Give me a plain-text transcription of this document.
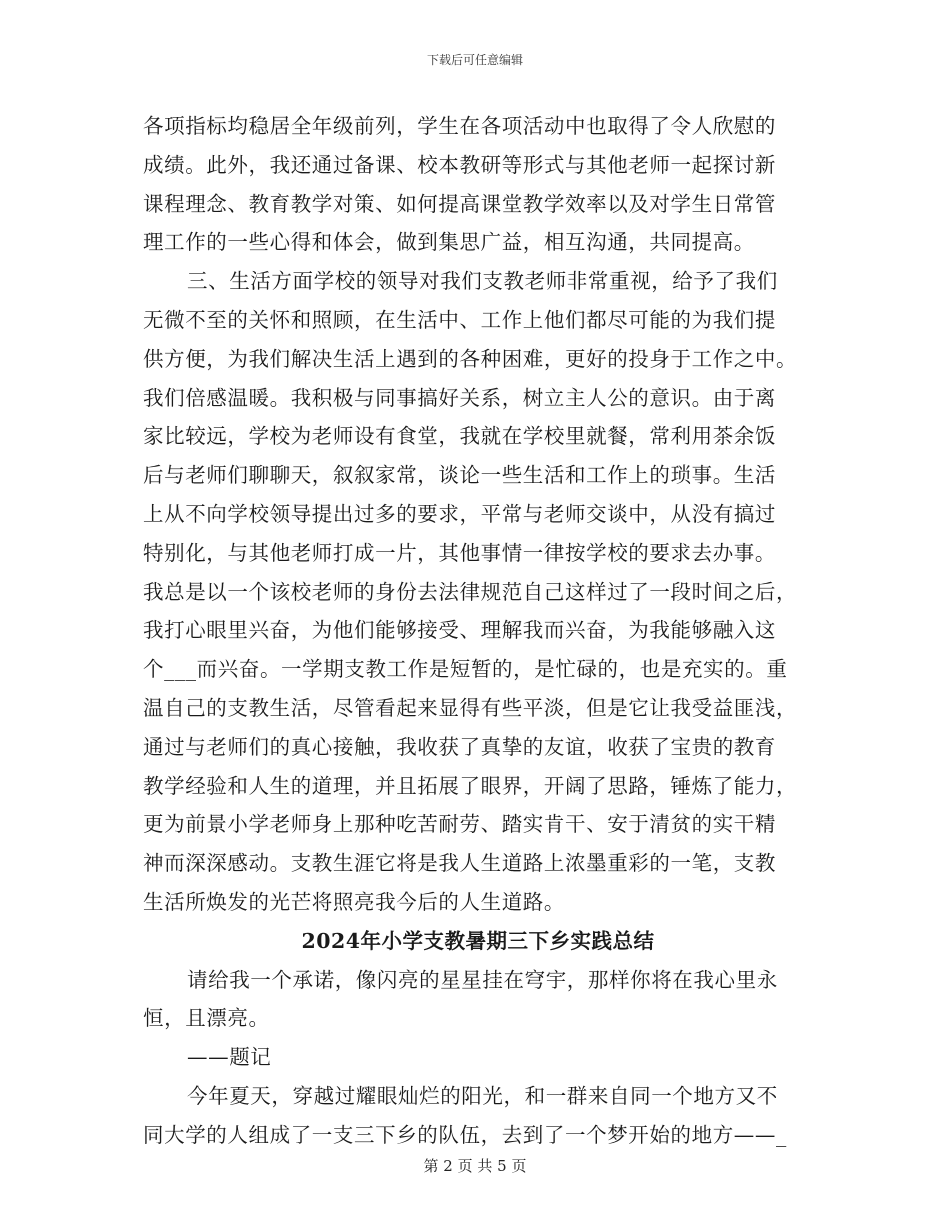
下载后可任意编辑
各项指标均稳居全年级前列，学生在各项活动中也取得了令人欣慰的
成绩。此外，我还通过备课、校本教研等形式与其他老师一起探讨新
课程理念、教育教学对策、如何提高课堂教学效率以及对学生日常管
理工作的一些心得和体会，做到集思广益，相互沟通，共同提高。
三、生活方面学校的领导对我们支教老师非常重视，给予了我们
无微不至的关怀和照顾，在生活中、工作上他们都尽可能的为我们提
供方便，为我们解决生活上遇到的各种困难，更好的投身于工作之中。
我们倍感温暖。我积极与同事搞好关系，树立主人公的意识。由于离
家比较远，学校为老师设有食堂，我就在学校里就餐，常利用茶余饭
后与老师们聊聊天，叙叙家常，谈论一些生活和工作上的琐事。生活
上从不向学校领导提出过多的要求，平常与老师交谈中，从没有搞过
特别化，与其他老师打成一片，其他事情一律按学校的要求去办事。
我总是以一个该校老师的身份去法律规范自己这样过了一段时间之后，
我打心眼里兴奋，为他们能够接受、理解我而兴奋，为我能够融入这
个___而兴奋。一学期支教工作是短暂的，是忙碌的，也是充实的。重
温自己的支教生活，尽管看起来显得有些平淡，但是它让我受益匪浅，
通过与老师们的真心接触，我收获了真挚的友谊，收获了宝贵的教育
教学经验和人生的道理，并且拓展了眼界，开阔了思路，锤炼了能力，
更为前景小学老师身上那种吃苦耐劳、踏实肯干、安于清贫的实干精
神而深深感动。支教生涯它将是我人生道路上浓墨重彩的一笔，支教
生活所焕发的光芒将照亮我今后的人生道路。
2024年小学支教暑期三下乡实践总结
请给我一个承诺，像闪亮的星星挂在穹宇，那样你将在我心里永
恒，且漂亮。
——题记
今年夏天，穿越过耀眼灿烂的阳光，和一群来自同一个地方又不
同大学的人组成了一支三下乡的队伍，去到了一个梦开始的地方——_
第 2 页 共 5 页
